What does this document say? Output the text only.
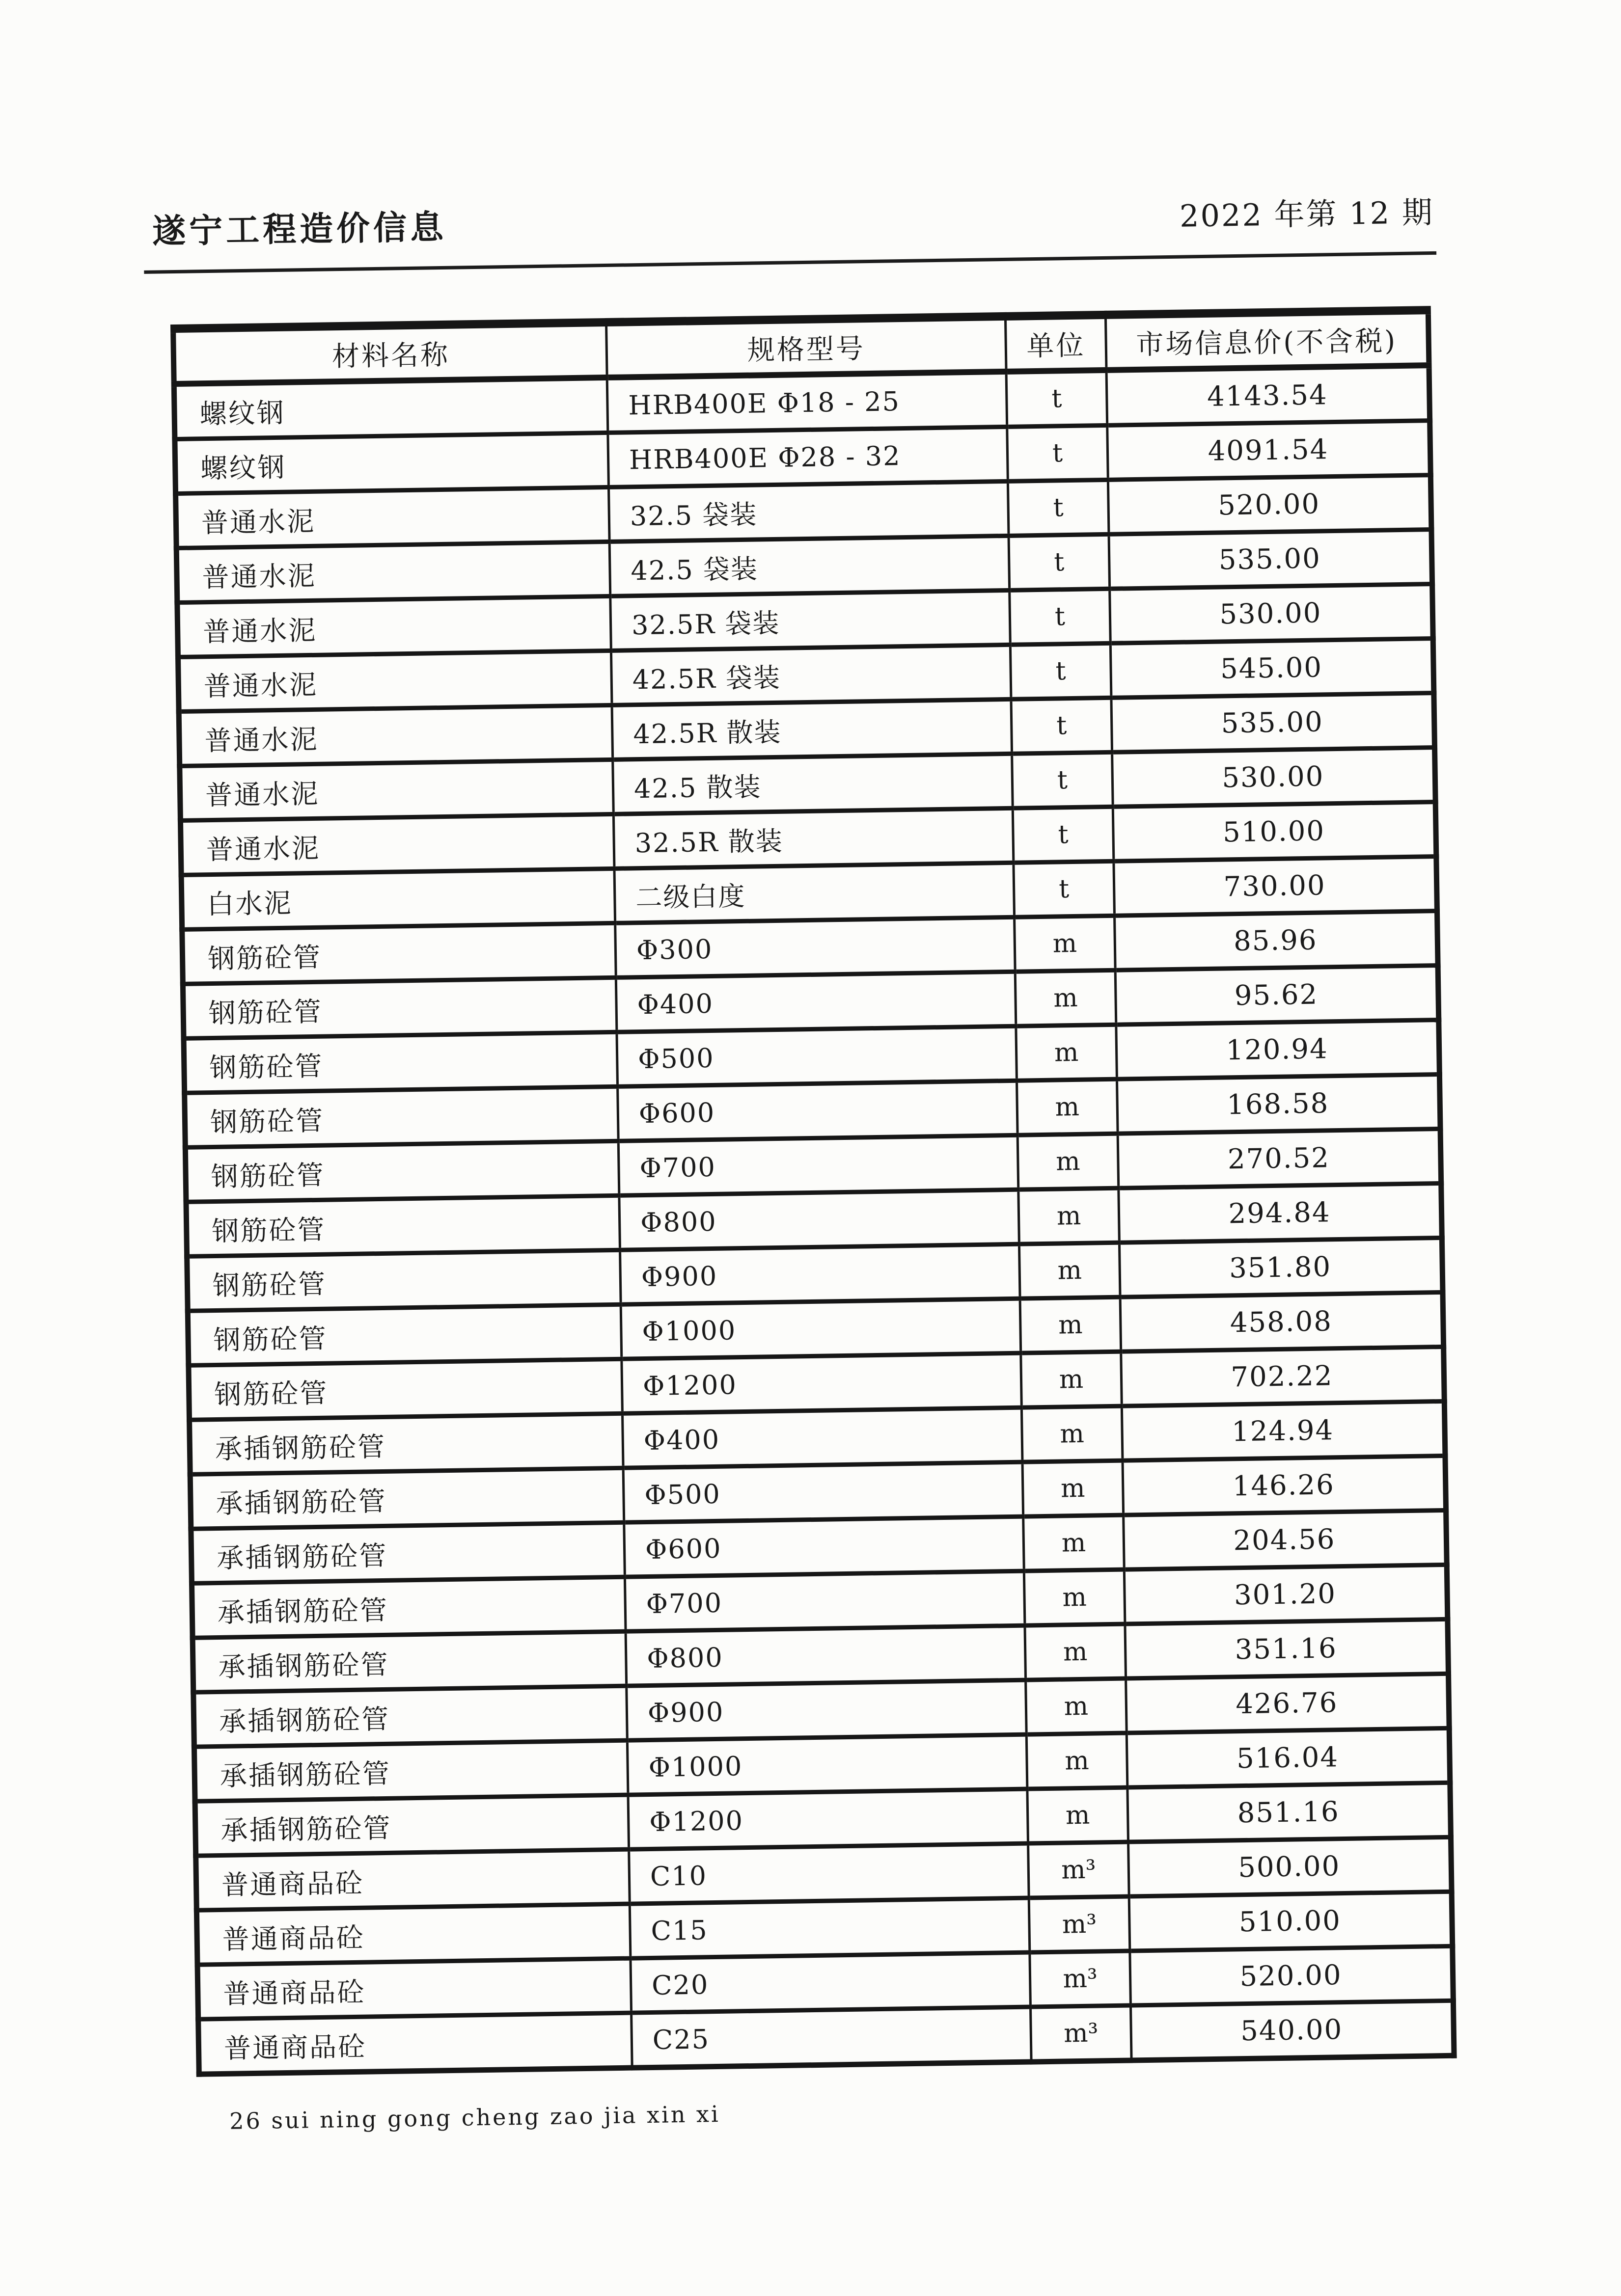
遂宁工程造价信息	2022 年第 12 期
材料名称	规格型号	单位	市场信息价(不含税)
螺纹钢	HRB400E Φ18 - 25	t	4143.54
螺纹钢	HRB400E Φ28 - 32	t	4091.54
普通水泥	32.5 袋装	t	520.00
普通水泥	42.5 袋装	t	535.00
普通水泥	32.5R 袋装	t	530.00
普通水泥	42.5R 袋装	t	545.00
普通水泥	42.5R 散装	t	535.00
普通水泥	42.5 散装	t	530.00
普通水泥	32.5R 散装	t	510.00
白水泥	二级白度	t	730.00
钢筋砼管	Φ300	m	85.96
钢筋砼管	Φ400	m	95.62
钢筋砼管	Φ500	m	120.94
钢筋砼管	Φ600	m	168.58
钢筋砼管	Φ700	m	270.52
钢筋砼管	Φ800	m	294.84
钢筋砼管	Φ900	m	351.80
钢筋砼管	Φ1000	m	458.08
钢筋砼管	Φ1200	m	702.22
承插钢筋砼管	Φ400	m	124.94
承插钢筋砼管	Φ500	m	146.26
承插钢筋砼管	Φ600	m	204.56
承插钢筋砼管	Φ700	m	301.20
承插钢筋砼管	Φ800	m	351.16
承插钢筋砼管	Φ900	m	426.76
承插钢筋砼管	Φ1000	m	516.04
承插钢筋砼管	Φ1200	m	851.16
普通商品砼	C10	m³	500.00
普通商品砼	C15	m³	510.00
普通商品砼	C20	m³	520.00
普通商品砼	C25	m³	540.00
26 sui ning gong cheng zao jia xin xi
